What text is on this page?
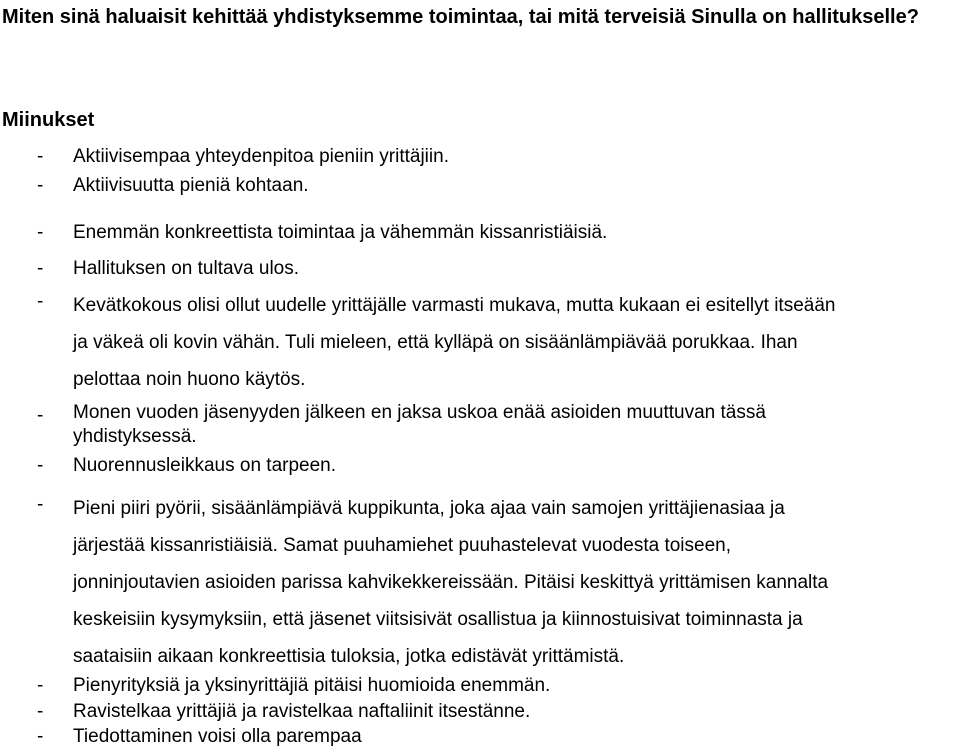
Miten sinä haluaisit kehittää yhdistyksemme toimintaa, tai mitä terveisiä Sinulla on hallitukselle?
Miinukset
- Aktiivisempaa yhteydenpitoa pieniin yrittäjiin.
- Aktiivisuutta pieniä kohtaan.
- Enemmän konkreettista toimintaa ja vähemmän kissanristiäisiä.
- Hallituksen on tultava ulos.
- Kevätkokous olisi ollut uudelle yrittäjälle varmasti mukava, mutta kukaan ei esitellyt itseään
ja väkeä oli kovin vähän. Tuli mieleen, että kylläpä on sisäänlämpiävää porukkaa. Ihan
pelottaa noin huono käytös.
- Monen vuoden jäsenyyden jälkeen en jaksa uskoa enää asioiden muuttuvan tässä
yhdistyksessä.
- Nuorennusleikkaus on tarpeen.
- Pieni piiri pyörii, sisäänlämpiävä kuppikunta, joka ajaa vain samojen yrittäjienasiaa ja
järjestää kissanristiäisiä. Samat puuhamiehet puuhastelevat vuodesta toiseen,
jonninjoutavien asioiden parissa kahvikekkereissään. Pitäisi keskittyä yrittämisen kannalta
keskeisiin kysymyksiin, että jäsenet viitsisivät osallistua ja kiinnostuisivat toiminnasta ja
saataisiin aikaan konkreettisia tuloksia, jotka edistävät yrittämistä.
- Pienyrityksiä ja yksinyrittäjiä pitäisi huomioida enemmän.
- Ravistelkaa yrittäjiä ja ravistelkaa naftaliinit itsestänne.
- Tiedottaminen voisi olla parempaa
